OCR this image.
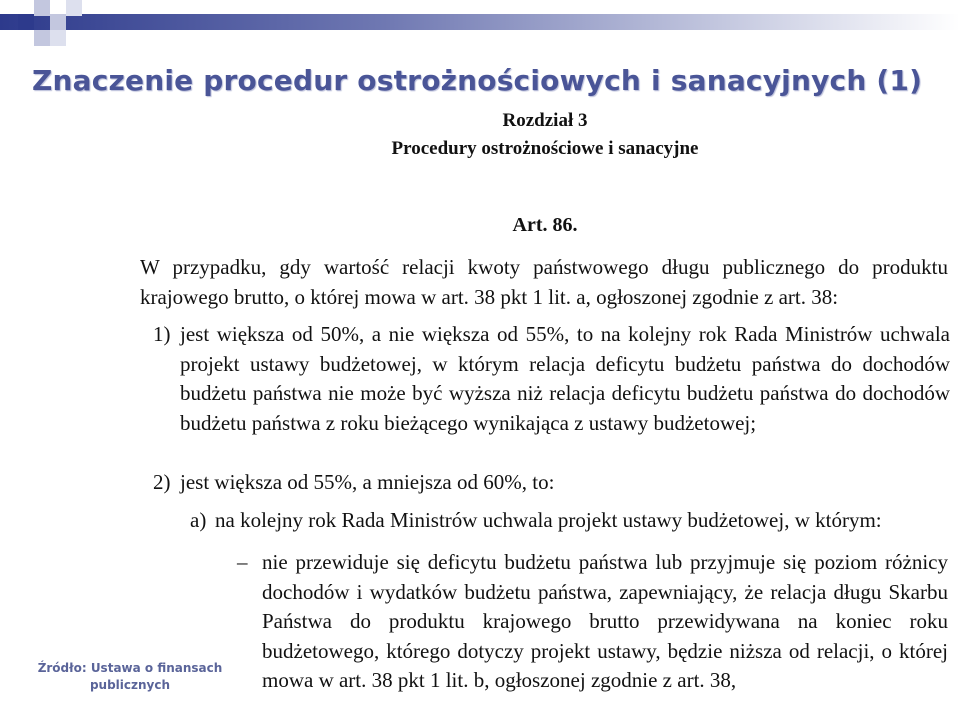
Znaczenie procedur ostrożnościowych i sanacyjnych (1)
Rozdział 3
Procedury ostrożnościowe i sanacyjne
Art. 86.
W przypadku, gdy wartość relacji kwoty państwowego długu publicznego do produktu krajowego brutto, o której mowa w art. 38 pkt 1 lit. a, ogłoszonej zgodnie z art. 38:
1) jest większa od 50%, a nie większa od 55%, to na kolejny rok Rada Ministrów uchwala projekt ustawy budżetowej, w którym relacja deficytu budżetu państwa do dochodów budżetu państwa nie może być wyższa niż relacja deficytu budżetu państwa do dochodów budżetu państwa z roku bieżącego wynikająca z ustawy budżetowej;
2) jest większa od 55%, a mniejsza od 60%, to:
a) na kolejny rok Rada Ministrów uchwala projekt ustawy budżetowej, w którym:
– nie przewiduje się deficytu budżetu państwa lub przyjmuje się poziom różnicy dochodów i wydatków budżetu państwa, zapewniający, że relacja długu Skarbu Państwa do produktu krajowego brutto przewidywana na koniec roku budżetowego, którego dotyczy projekt ustawy, będzie niższa od relacji, o której mowa w art. 38 pkt 1 lit. b, ogłoszonej zgodnie z art. 38,
Źródło: Ustawa o finansach publicznych
